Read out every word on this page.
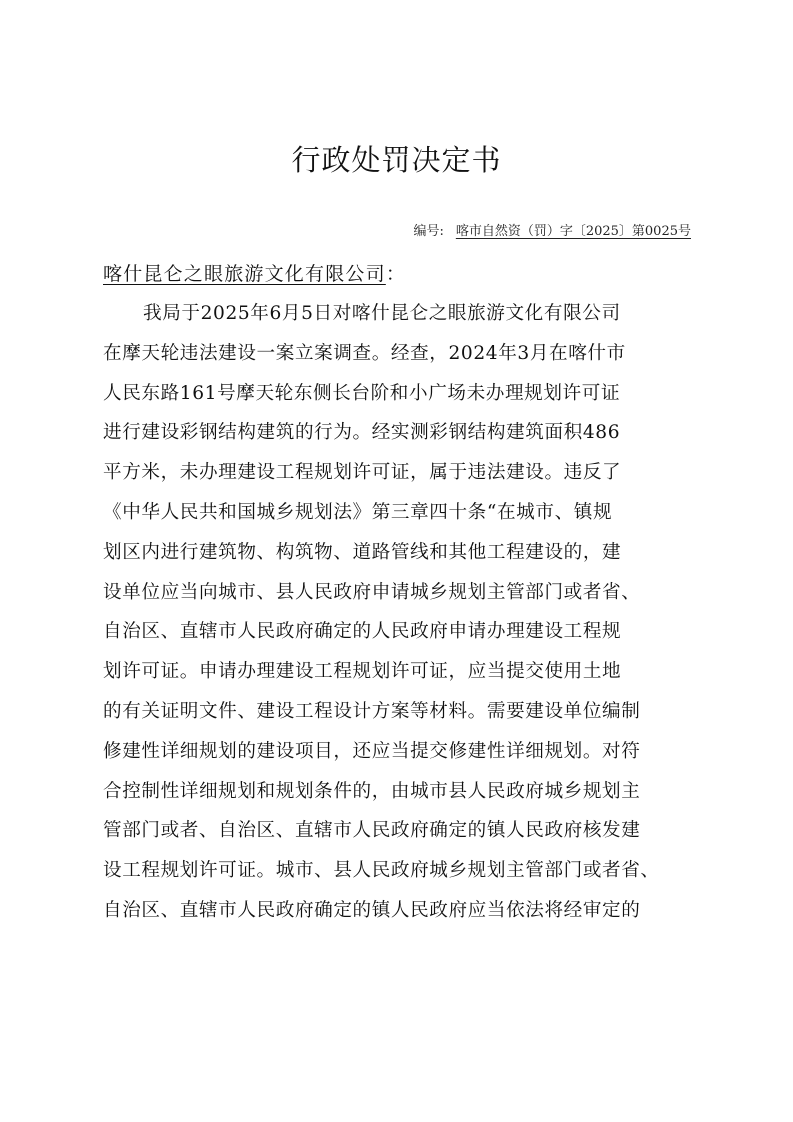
行政处罚决定书
编号: 喀市自然资（罚）字〔2025〕第0025号
喀什昆仑之眼旅游文化有限公司：
我局于2025年6月5日对喀什昆仑之眼旅游文化有限公司
在摩天轮违法建设一案立案调查。经查，2024年3月在喀什市
人民东路161号摩天轮东侧长台阶和小广场未办理规划许可证
进行建设彩钢结构建筑的行为。经实测彩钢结构建筑面积486
平方米，未办理建设工程规划许可证，属于违法建设。违反了
《中华人民共和国城乡规划法》第三章四十条“在城市、镇规
划区内进行建筑物、构筑物、道路管线和其他工程建设的，建
设单位应当向城市、县人民政府申请城乡规划主管部门或者省、
自治区、直辖市人民政府确定的人民政府申请办理建设工程规
划许可证。申请办理建设工程规划许可证，应当提交使用土地
的有关证明文件、建设工程设计方案等材料。需要建设单位编制
修建性详细规划的建设项目，还应当提交修建性详细规划。对符
合控制性详细规划和规划条件的，由城市县人民政府城乡规划主
管部门或者、自治区、直辖市人民政府确定的镇人民政府核发建
设工程规划许可证。城市、县人民政府城乡规划主管部门或者省、
自治区、直辖市人民政府确定的镇人民政府应当依法将经审定的
